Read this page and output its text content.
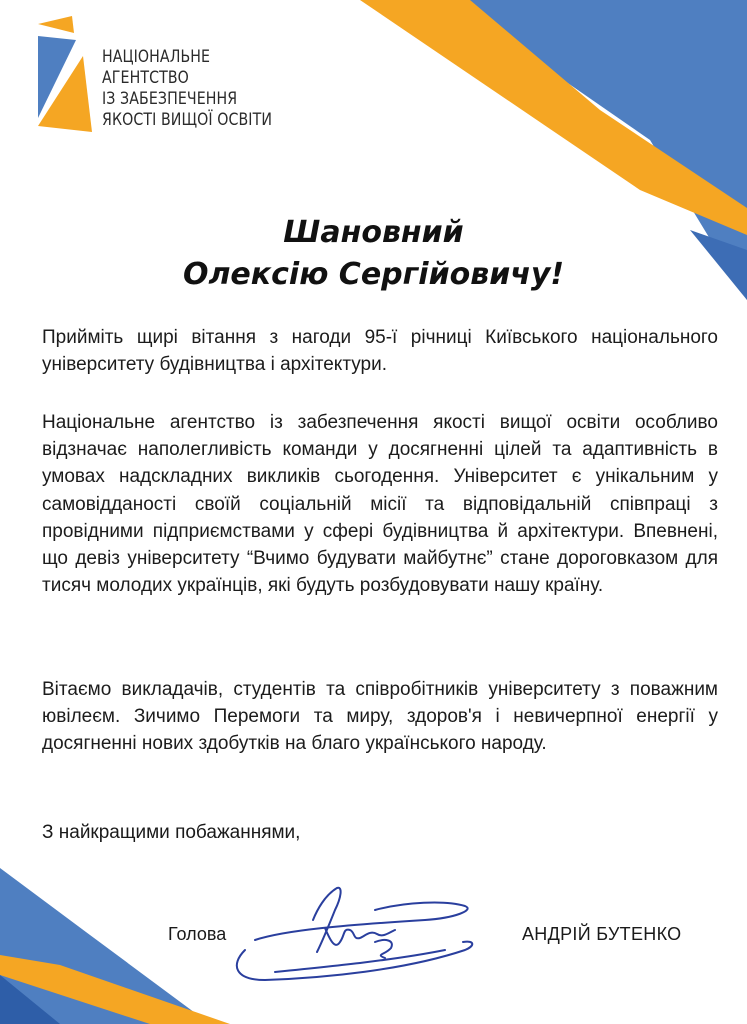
НАЦІОНАЛЬНЕ
АГЕНТСТВО
ІЗ ЗАБЕЗПЕЧЕННЯ
ЯКОСТІ ВИЩОЇ ОСВІТИ
Шановний
Олексію Сергійовичу!
Прийміть щирі вітання з нагоди 95-ї річниці Київського національного університету будівництва і архітектури.
Національне агентство із забезпечення якості вищої освіти особливо відзначає наполегливість команди у досягненні цілей та адаптивність в умовах надскладних викликів сьогодення. Університет є унікальним у самовідданості своїй соціальній місії та відповідальній співпраці з провідними підприємствами у сфері будівництва й архітектури. Впевнені, що девіз університету “Вчимо будувати майбутнє” стане дороговказом для тисяч молодих українців, які будуть розбудовувати нашу країну.
Вітаємо викладачів, студентів та співробітників університету з поважним ювілеєм. Зичимо Перемоги та миру, здоров'я і невичерпної енергії у досягненні нових здобутків на благо українського народу.
З найкращими побажаннями,
Голова	АНДРІЙ БУТЕНКО
